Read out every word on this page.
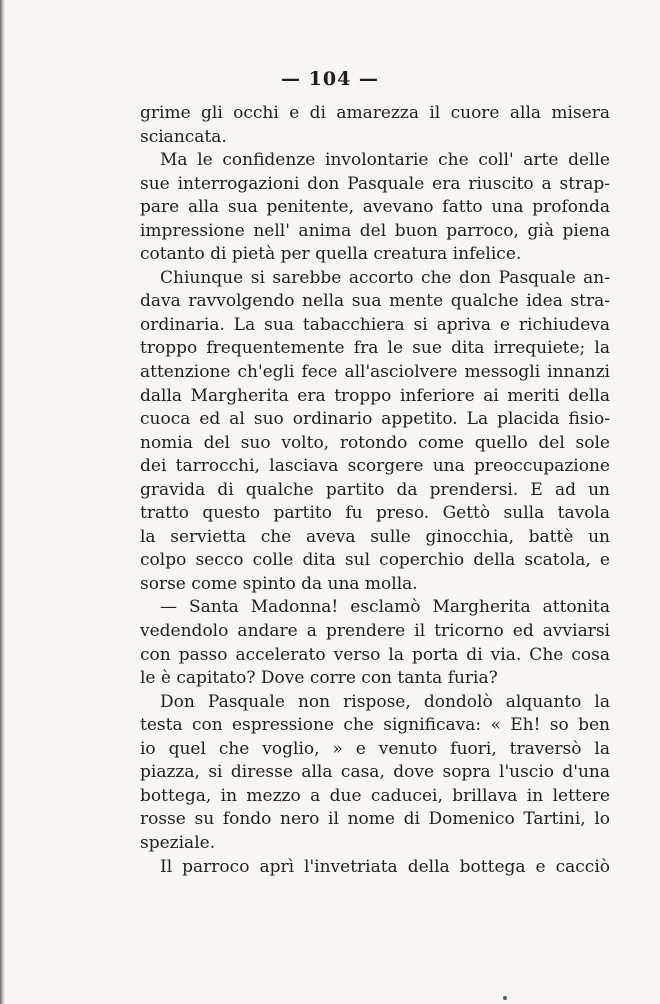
— 104 —
grime gli occhi e di amarezza il cuore alla misera
sciancata.
Ma le confidenze involontarie che coll' arte delle
sue interrogazioni don Pasquale era riuscito a strap-
pare alla sua penitente, avevano fatto una profonda
impressione nell' anima del buon parroco, già piena
cotanto di pietà per quella creatura infelice.
Chiunque si sarebbe accorto che don Pasquale an-
dava ravvolgendo nella sua mente qualche idea stra-
ordinaria. La sua tabacchiera si apriva e richiudeva
troppo frequentemente fra le sue dita irrequiete; la
attenzione ch'egli fece all'asciolvere messogli innanzi
dalla Margherita era troppo inferiore ai meriti della
cuoca ed al suo ordinario appetito. La placida fisio-
nomia del suo volto, rotondo come quello del sole
dei tarrocchi, lasciava scorgere una preoccupazione
gravida di qualche partito da prendersi. E ad un
tratto questo partito fu preso. Gettò sulla tavola
la servietta che aveva sulle ginocchia, battè un
colpo secco colle dita sul coperchio della scatola, e
sorse come spinto da una molla.
— Santa Madonna! esclamò Margherita attonita
vedendolo andare a prendere il tricorno ed avviarsi
con passo accelerato verso la porta di via. Che cosa
le è capitato? Dove corre con tanta furia?
Don Pasquale non rispose, dondolò alquanto la
testa con espressione che significava: « Eh! so ben
io quel che voglio, » e venuto fuori, traversò la
piazza, si diresse alla casa, dove sopra l'uscio d'una
bottega, in mezzo a due caducei, brillava in lettere
rosse su fondo nero il nome di Domenico Tartini, lo
speziale.
Il parroco aprì l'invetriata della bottega e cacciò
